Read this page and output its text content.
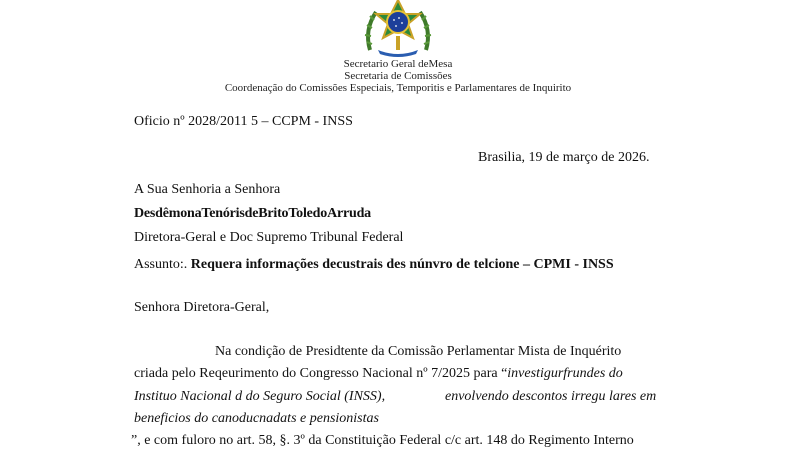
Secretario Geral deMesa
Secretaria de Comissões
Coordenação do Comissões Especiais, Temporitis e Parlamentares de Inquirito
Oficio nº 2028/2011 5 – CCPM - INSS
Brasilia, 19 de março de 2026.
A Sua Senhoria a Senhora
DesdêmonaTenórisdeBritoToledoArruda
Diretora-Geral e Doc Supremo Tribunal Federal
Assunto:. Requera informações decustrais des núnvro de telcione – CPMI - INSS
Senhora Diretora-Geral,
Na condição de Presidtente da Comissão Perlamentar Mista de Inquérito
criada pelo Reqeurimento do Congresso Nacional nº 7/2025 para “investigurfrundes do
Instituo Nacional d do Seguro Social (INSS),	envolvendo descontos irregu lares em
beneficios do canoducnadats e pensionistas
”, e com fuloro no art. 58, §. 3º da Constituição Federal c/c art. 148 do Regimento Interno
